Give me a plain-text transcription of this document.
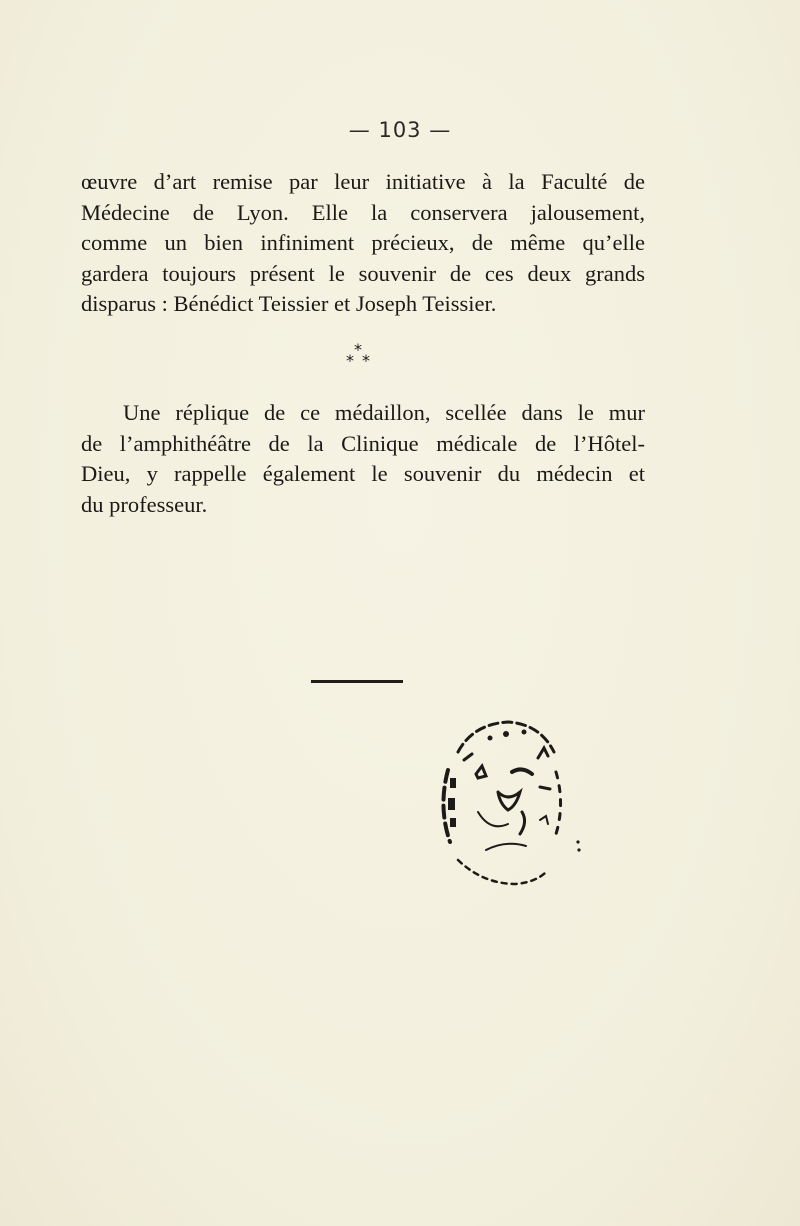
— 103 —

œuvre d’art remise par leur initiative à la Faculté de
Médecine de Lyon. Elle la conservera jalousement,
comme un bien infiniment précieux, de même qu’elle
gardera toujours présent le souvenir de ces deux grands
disparus : Bénédict Teissier et Joseph Teissier.

*
* *

Une réplique de ce médaillon, scellée dans le mur
de l’amphithéâtre de la Clinique médicale de l’Hôtel-
Dieu, y rappelle également le souvenir du médecin et
du professeur.
